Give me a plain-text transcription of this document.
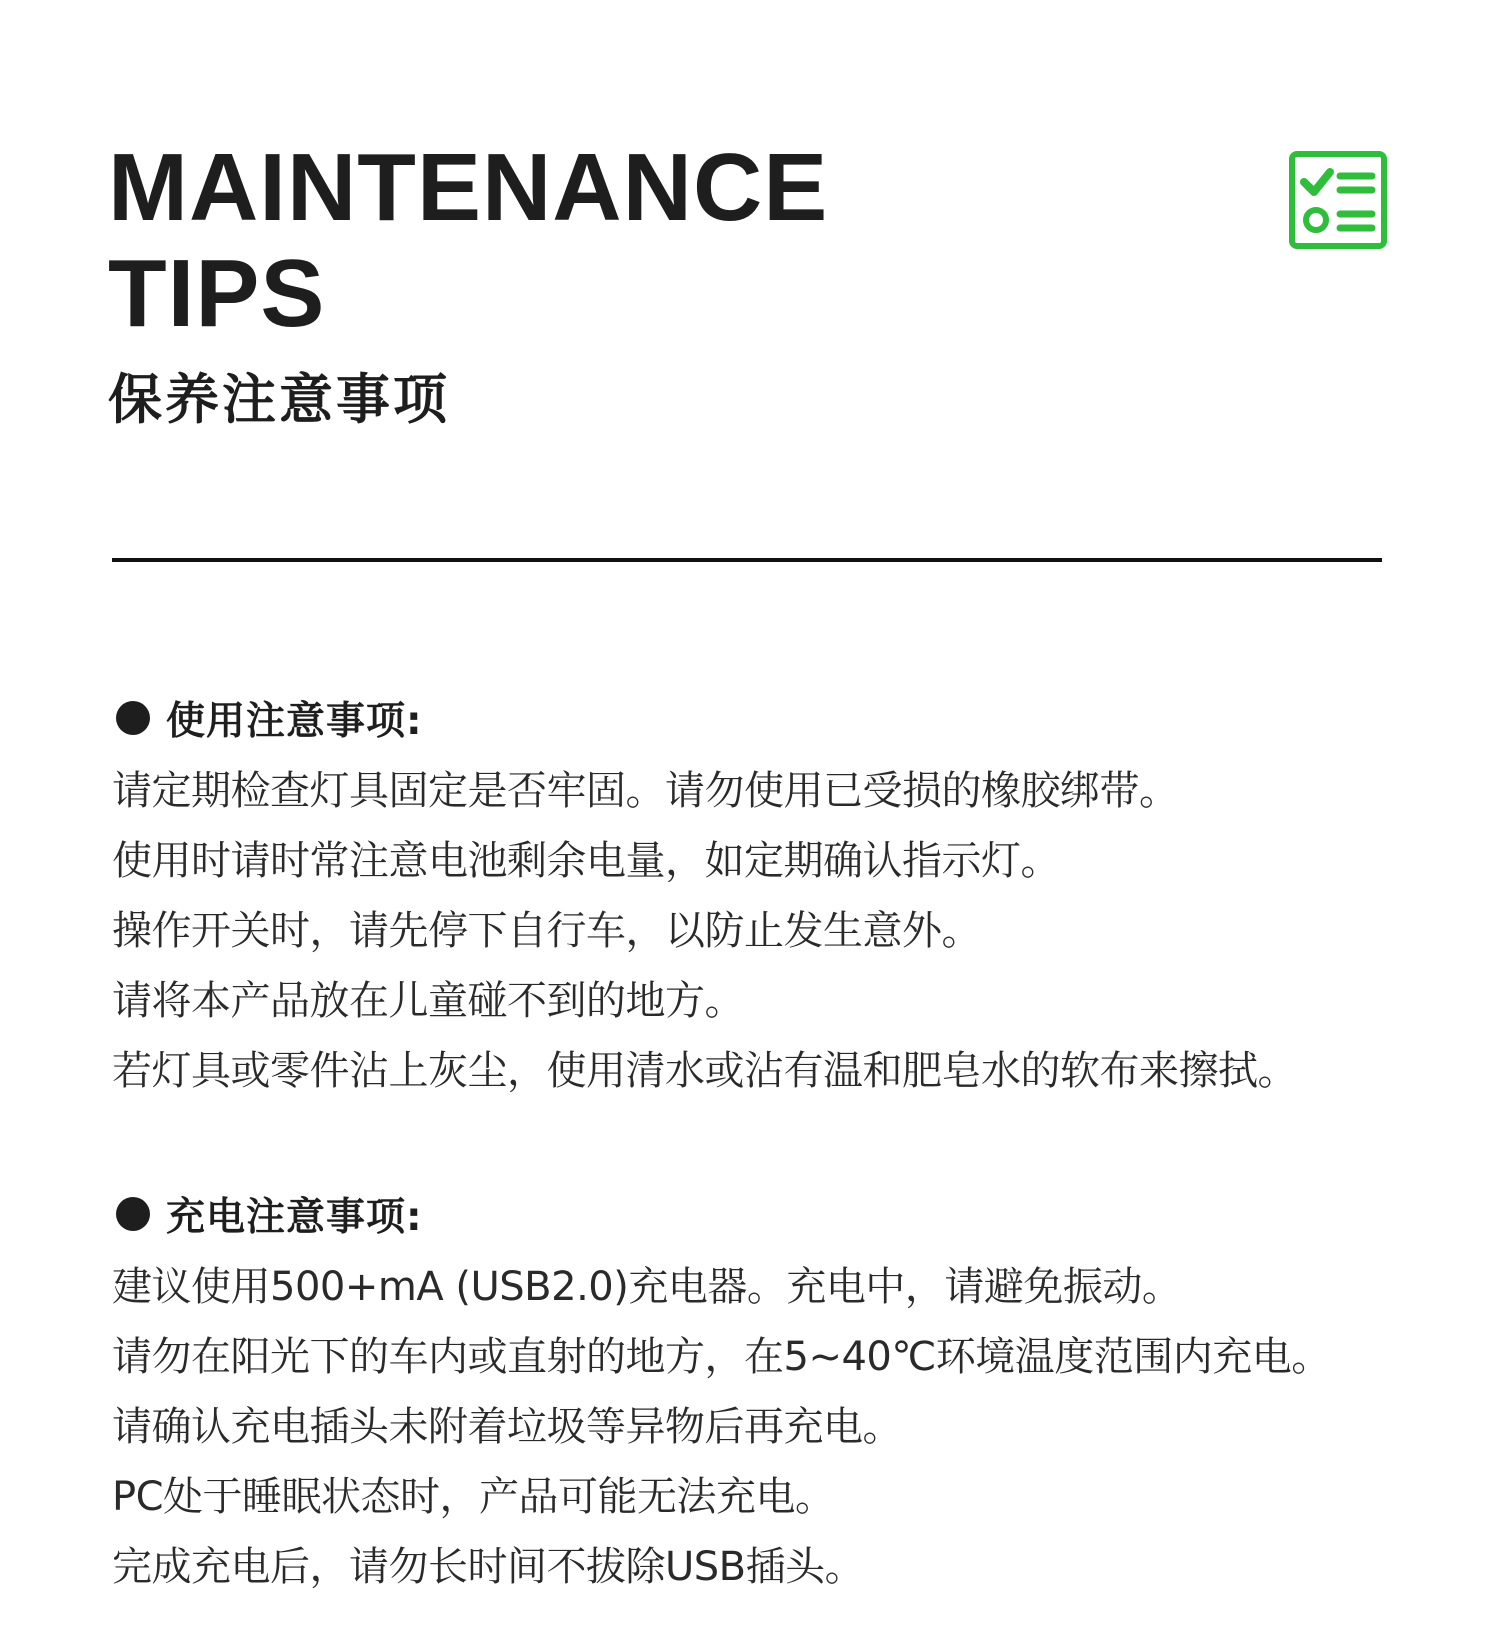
MAINTENANCE
TIPS
保养注意事项
使用注意事项:
请定期检查灯具固定是否牢固。请勿使用已受损的橡胶绑带。
使用时请时常注意电池剩余电量，如定期确认指示灯。
操作开关时，请先停下自行车，以防止发生意外。
请将本产品放在儿童碰不到的地方。
若灯具或零件沾上灰尘，使用清水或沾有温和肥皂水的软布来擦拭。
充电注意事项:
建议使用500+mA (USB2.0)充电器。充电中，请避免振动。
请勿在阳光下的车内或直射的地方，在5~40℃环境温度范围内充电。
请确认充电插头未附着垃圾等异物后再充电。
PC处于睡眠状态时，产品可能无法充电。
完成充电后，请勿长时间不拔除USB插头。
